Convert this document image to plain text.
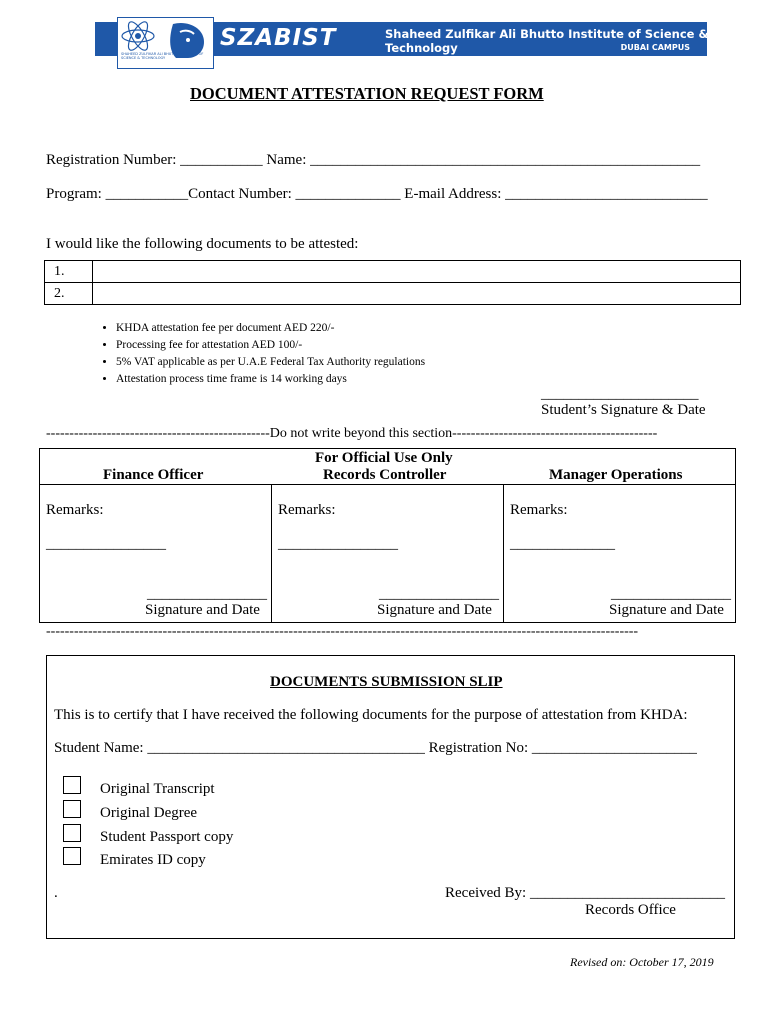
SHAHEED ZULFIKAR ALI BHUTTO INSTITUTE OF SCIENCE & TECHNOLOGY
SZABIST	Shaheed Zulfikar Ali Bhutto Institute of Science & Technology	DUBAI CAMPUS
DOCUMENT ATTESTATION REQUEST FORM
Registration Number: ___________ Name: ____________________________________________________
Program: ___________Contact Number: ______________ E-mail Address: ___________________________
I would like the following documents to be attested:
1.	
2.	
• KHDA attestation fee per document AED 220/-
• Processing fee for attestation AED 100/-
• 5% VAT applicable as per U.A.E Federal Tax Authority regulations
• Attestation process time frame is 14 working days
_____________________
Student’s Signature & Date
------------------------------------------------Do not write beyond this section--------------------------------------------
For Official Use Only
Finance Officer	Records Controller	Manager Operations
Remarks:	Remarks:	Remarks:
________________	________________	______________
________________	________________	________________
Signature and Date	Signature and Date	Signature and Date
-------------------------------------------------------------------------------------------------------------------------------
DOCUMENTS SUBMISSION SLIP
This is to certify that I have received the following documents for the purpose of attestation from KHDA:
Student Name: _____________________________________ Registration No: ______________________
Original Transcript
Original Degree
Student Passport copy
Emirates ID copy
.	Received By: __________________________
Records Office
Revised on: October 17, 2019
